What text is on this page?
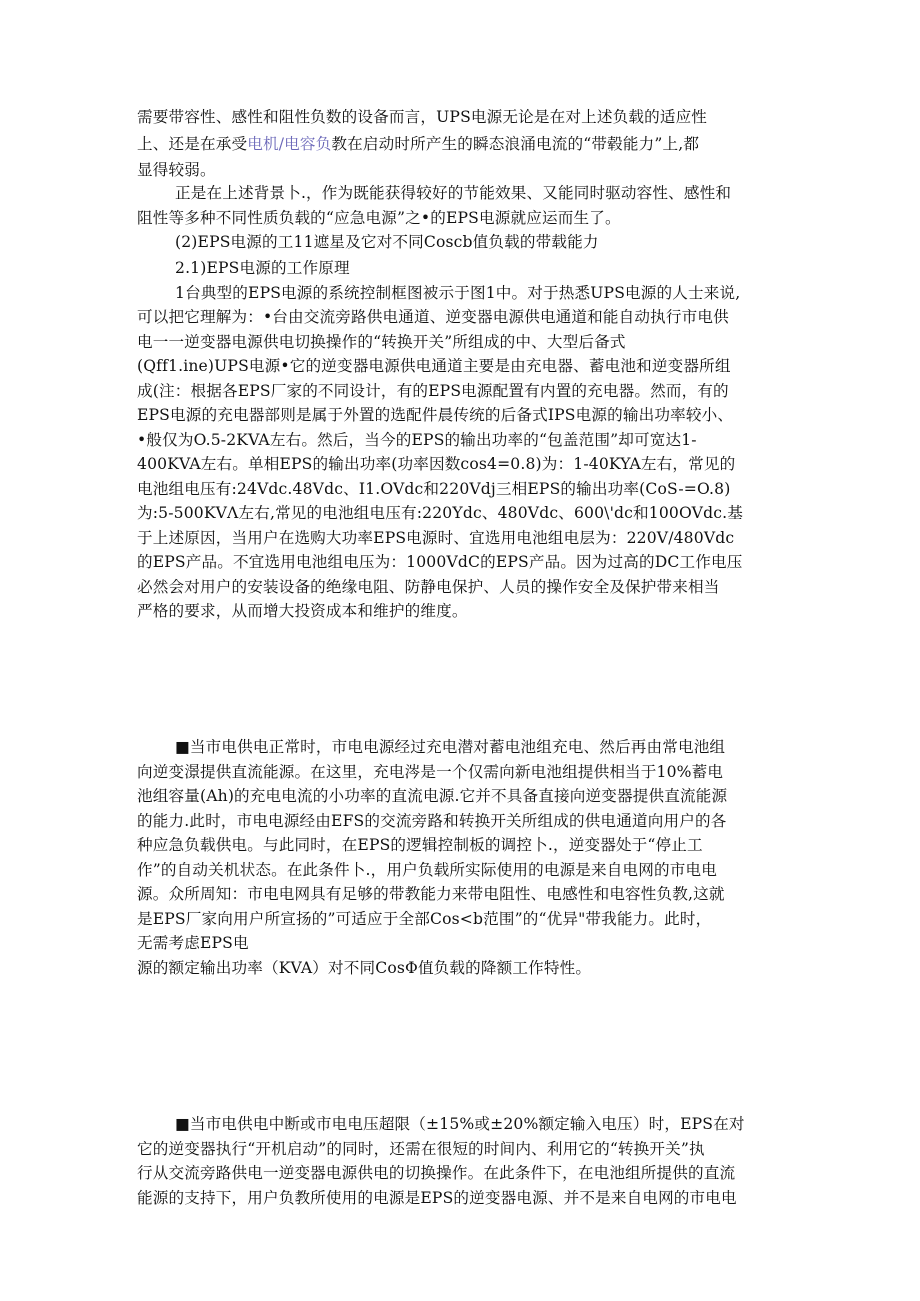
需要带容性、感性和阻性负数的设备而言，UPS电源无论是在对上述负载的适应性
上、还是在承受电机/电容负教在启动时所产生的瞬态浪涌电流的“带毂能力”上,都
显得较弱。
正是在上述背景卜.，作为既能获得较好的节能效果、又能同时驱动容性、感性和
阻性等多种不同性质负载的“应急电源”之•的EPS电源就应运而生了。
(2)EPS电源的工11遮星及它对不同Coscb值负载的带载能力
2.1)EPS电源的工作原理
1台典型的EPS电源的系统控制框图被示于图1中。对于热悉UPS电源的人士来说,
可以把它理解为：•台由交流旁路供电通道、逆变器电源供电通道和能自动执行市电供
电一一逆变器电源供电切换操作的“转换开关”所组成的中、大型后备式
(Qff1.ine)UPS电源•它的逆变器电源供电通道主要是由充电器、蓄电池和逆变器所组
成(注：根据各EPS厂家的不同设计，有的EPS电源配置有内置的充电器。然而，有的
EPS电源的充电器部则是属于外置的选配件晨传统的后备式IPS电源的输出功率较小、
•般仅为O.5-2KVA左右。然后，当今的EPS的输出功率的“包盖范围”却可宽达1-
400KVA左右。单相EPS的输出功率(功率因数cos4=0.8)为：1-40KYA左右，常见的
电池组电压有:24Vdc.48Vdc、I1.OVdc和220Vdj三相EPS的输出功率(CoS-=O.8)
为:5-500KVΛ左右,常见的电池组电压有:220Ydc、480Vdc、600\'dc和100OVdc.基
于上述原因，当用户在选购大功率EPS电源时、宜选用电池组电层为：220V∕480Vdc
的EPS产品。不宜选用电池组电压为：1000VdC的EPS产品。因为过高的DC工作电压
必然会对用户的安装设备的绝缘电阻、防静电保护、人员的操作安全及保护带来相当
严格的要求，从而增大投资成本和维护的维度。
■当市电供电正常时，市电电源经过充电潜对蓄电池组充电、然后再由常电池组
向逆变澋提供直流能源。在这里，充电涔是一个仅需向新电池组提供相当于10%蓄电
池组容量(Ah)的充电电流的小功率的直流电源.它并不具备直接向逆变器提供直流能源
的能力.此时，市电电源经由EFS的交流旁路和转换开关所组成的供电通道向用户的各
种应急负载供电。与此同时，在EPS的逻辑控制板的调控卜.，逆变器处于“停止工
作”的自动关机状态。在此条件卜.，用户负载所实际使用的电源是来自电网的市电电
源。众所周知：市电电网具有足够的带教能力来带电阻性、电感性和电容性负教,这就
是EPS厂家向用户所宣扬的”可适应于全部Cos<b范围”的“优异"带我能力。此时，
无需考虑EPS电
源的额定输出功率（KVA）对不同CosΦ值负载的降额工作特性。
■当市电供电中断或市电电压超限（±15%或±20%额定输入电压）时，EPS在对
它的逆变器执行“开机启动”的同时，还需在很短的时间内、利用它的“转换开关”执
行从交流旁路供电一逆变器电源供电的切换操作。在此条件下，在电池组所提供的直流
能源的支持下，用户负教所使用的电源是EPS的逆变器电源、并不是来自电网的市电电
